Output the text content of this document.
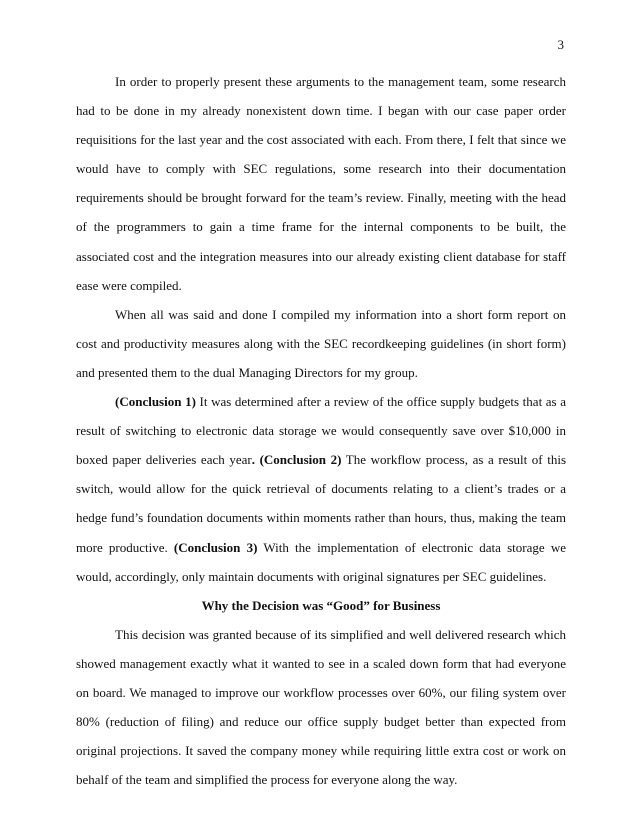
3

In order to properly present these arguments to the management team, some research had to be done in my already nonexistent down time. I began with our case paper order requisitions for the last year and the cost associated with each. From there, I felt that since we would have to comply with SEC regulations, some research into their documentation requirements should be brought forward for the team’s review. Finally, meeting with the head of the programmers to gain a time frame for the internal components to be built, the associated cost and the integration measures into our already existing client database for staff ease were compiled.

When all was said and done I compiled my information into a short form report on cost and productivity measures along with the SEC recordkeeping guidelines (in short form) and presented them to the dual Managing Directors for my group.

(Conclusion 1) It was determined after a review of the office supply budgets that as a result of switching to electronic data storage we would consequently save over $10,000 in boxed paper deliveries each year. (Conclusion 2) The workflow process, as a result of this switch, would allow for the quick retrieval of documents relating to a client’s trades or a hedge fund’s foundation documents within moments rather than hours, thus, making the team more productive. (Conclusion 3) With the implementation of electronic data storage we would, accordingly, only maintain documents with original signatures per SEC guidelines.

Why the Decision was “Good” for Business

This decision was granted because of its simplified and well delivered research which showed management exactly what it wanted to see in a scaled down form that had everyone on board. We managed to improve our workflow processes over 60%, our filing system over 80% (reduction of filing) and reduce our office supply budget better than expected from original projections. It saved the company money while requiring little extra cost or work on behalf of the team and simplified the process for everyone along the way.
